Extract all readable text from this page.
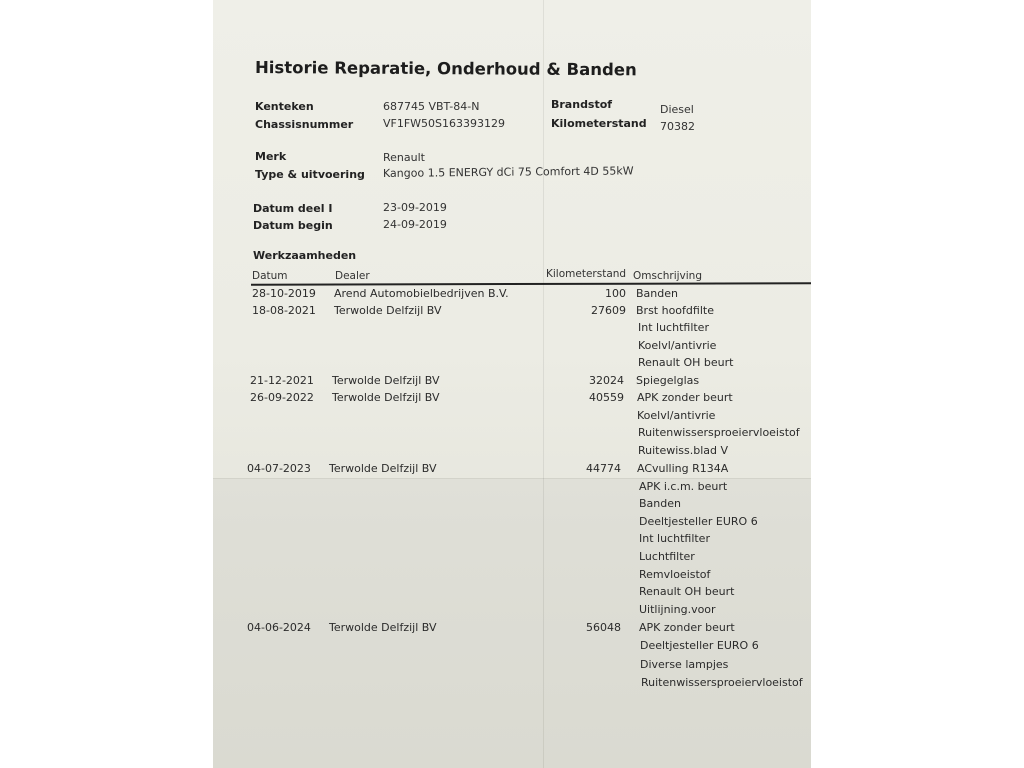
Historie Reparatie, Onderhoud & Banden
Kenteken	687745 VBT-84-N
Chassisnummer	VF1FW50S163393129
Brandstof	Diesel
Kilometerstand 70382
Merk	Renault
Type & uitvoering Kangoo 1.5 ENERGY dCi 75 Comfort 4D 55kW
Datum deel I	23-09-2019
Datum begin	24-09-2019
Werkzaamheden
Datum	Dealer	Kilometerstand Omschrijving
28-10-2019 Arend Automobielbedrijven B.V.	100 Banden
18-08-2021 Terwolde Delfzijl BV	27609 Brst hoofdfilte
Int luchtfilter
Koelvl/antivrie
Renault OH beurt
21-12-2021 Terwolde Delfzijl BV	32024 Spiegelglas
26-09-2022 Terwolde Delfzijl BV	40559 APK zonder beurt
Koelvl/antivrie
Ruitenwissersproeiervloeistof
Ruitewiss.blad V
04-07-2023 Terwolde Delfzijl BV	44774 ACvulling R134A
APK i.c.m. beurt
Banden
Deeltjesteller EURO 6
Int luchtfilter
Luchtfilter
Remvloeistof
Renault OH beurt
Uitlijning.voor
04-06-2024 Terwolde Delfzijl BV	56048 APK zonder beurt
Deeltjesteller EURO 6
Diverse lampjes
Ruitenwissersproeiervloeistof
